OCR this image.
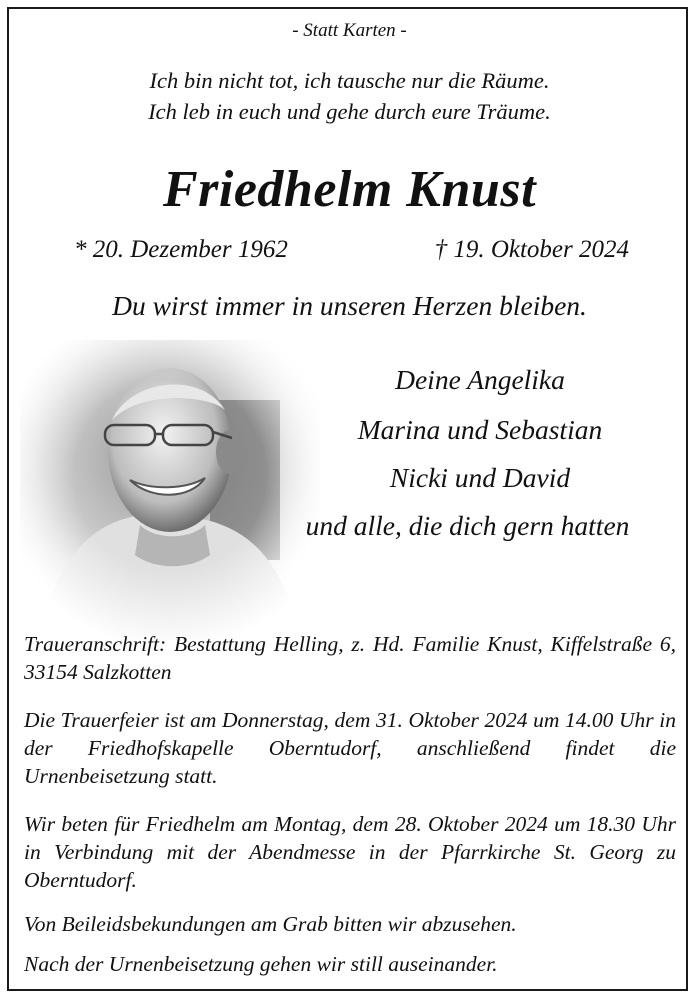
- Statt Karten -
Ich bin nicht tot, ich tausche nur die Räume.
Ich leb in euch und gehe durch eure Träume.
Friedhelm Knust
* 20. Dezember 1962	† 19. Oktober 2024
Du wirst immer in unseren Herzen bleiben.
Deine Angelika
Marina und Sebastian
Nicki und David
und alle, die dich gern hatten
Traueranschrift: Bestattung Helling, z. Hd. Familie Knust, Kiffelstraße 6, 33154 Salzkotten
Die Trauerfeier ist am Donnerstag, dem 31. Oktober 2024 um 14.00 Uhr in der Friedhofskapelle Oberntudorf, anschließend findet die Urnenbeisetzung statt.
Wir beten für Friedhelm am Montag, dem 28. Oktober 2024 um 18.30 Uhr in Verbindung mit der Abendmesse in der Pfarrkirche St. Georg zu Oberntudorf.
Von Beileidsbekundungen am Grab bitten wir abzusehen.
Nach der Urnenbeisetzung gehen wir still auseinander.
